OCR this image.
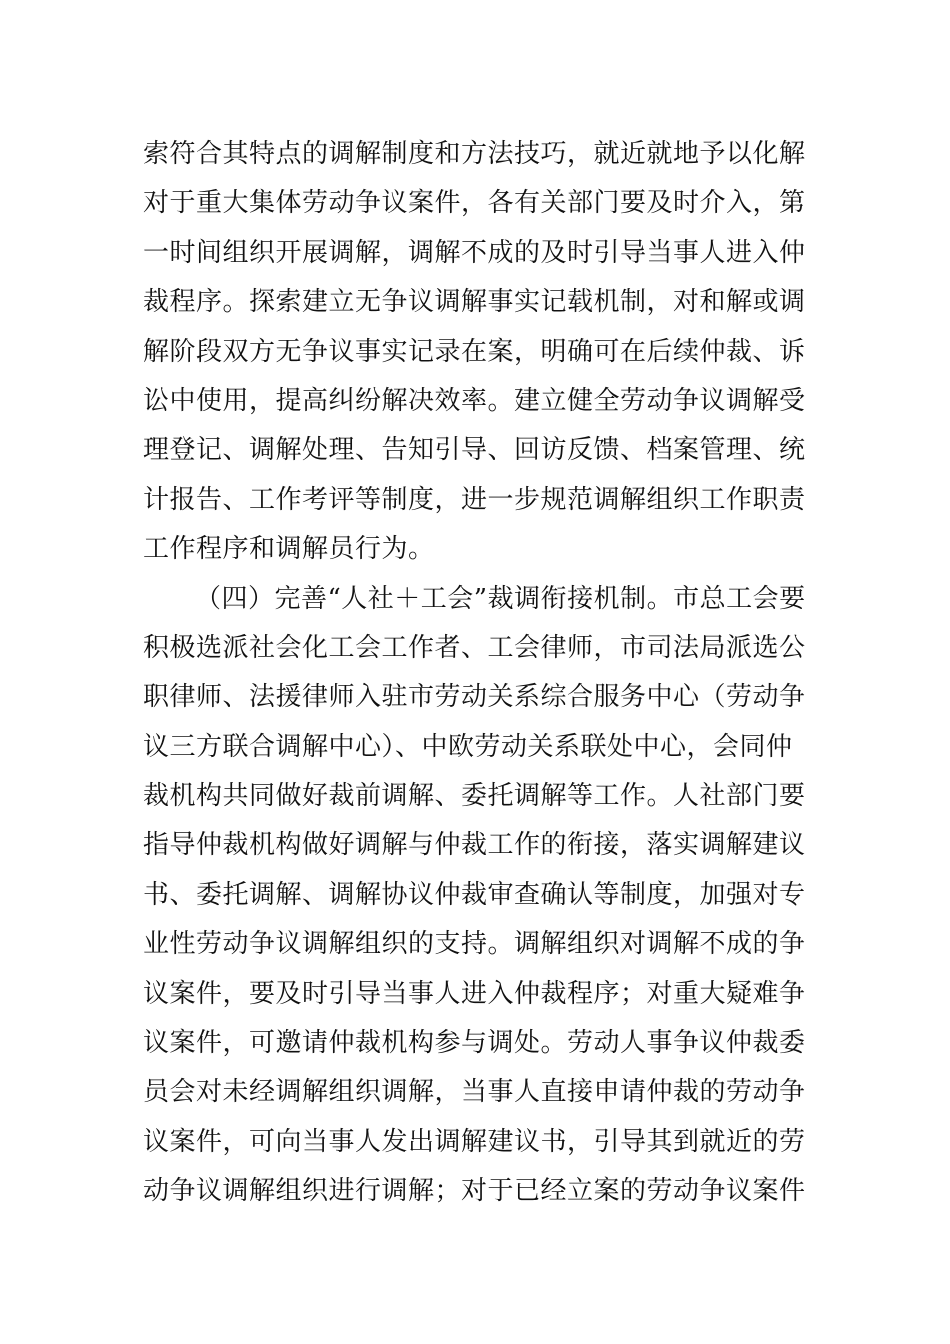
索符合其特点的调解制度和方法技巧，就近就地予以化解
对于重大集体劳动争议案件，各有关部门要及时介入，第
一时间组织开展调解，调解不成的及时引导当事人进入仲
裁程序。探索建立无争议调解事实记载机制，对和解或调
解阶段双方无争议事实记录在案，明确可在后续仲裁、诉
讼中使用，提高纠纷解决效率。建立健全劳动争议调解受
理登记、调解处理、告知引导、回访反馈、档案管理、统
计报告、工作考评等制度，进一步规范调解组织工作职责
工作程序和调解员行为。
（四）完善“人社＋工会”裁调衔接机制。市总工会要
积极选派社会化工会工作者、工会律师，市司法局派选公
职律师、法援律师入驻市劳动关系综合服务中心（劳动争
议三方联合调解中心）、中欧劳动关系联处中心，会同仲
裁机构共同做好裁前调解、委托调解等工作。人社部门要
指导仲裁机构做好调解与仲裁工作的衔接，落实调解建议
书、委托调解、调解协议仲裁审查确认等制度，加强对专
业性劳动争议调解组织的支持。调解组织对调解不成的争
议案件，要及时引导当事人进入仲裁程序；对重大疑难争
议案件，可邀请仲裁机构参与调处。劳动人事争议仲裁委
员会对未经调解组织调解，当事人直接申请仲裁的劳动争
议案件，可向当事人发出调解建议书，引导其到就近的劳
动争议调解组织进行调解；对于已经立案的劳动争议案件
